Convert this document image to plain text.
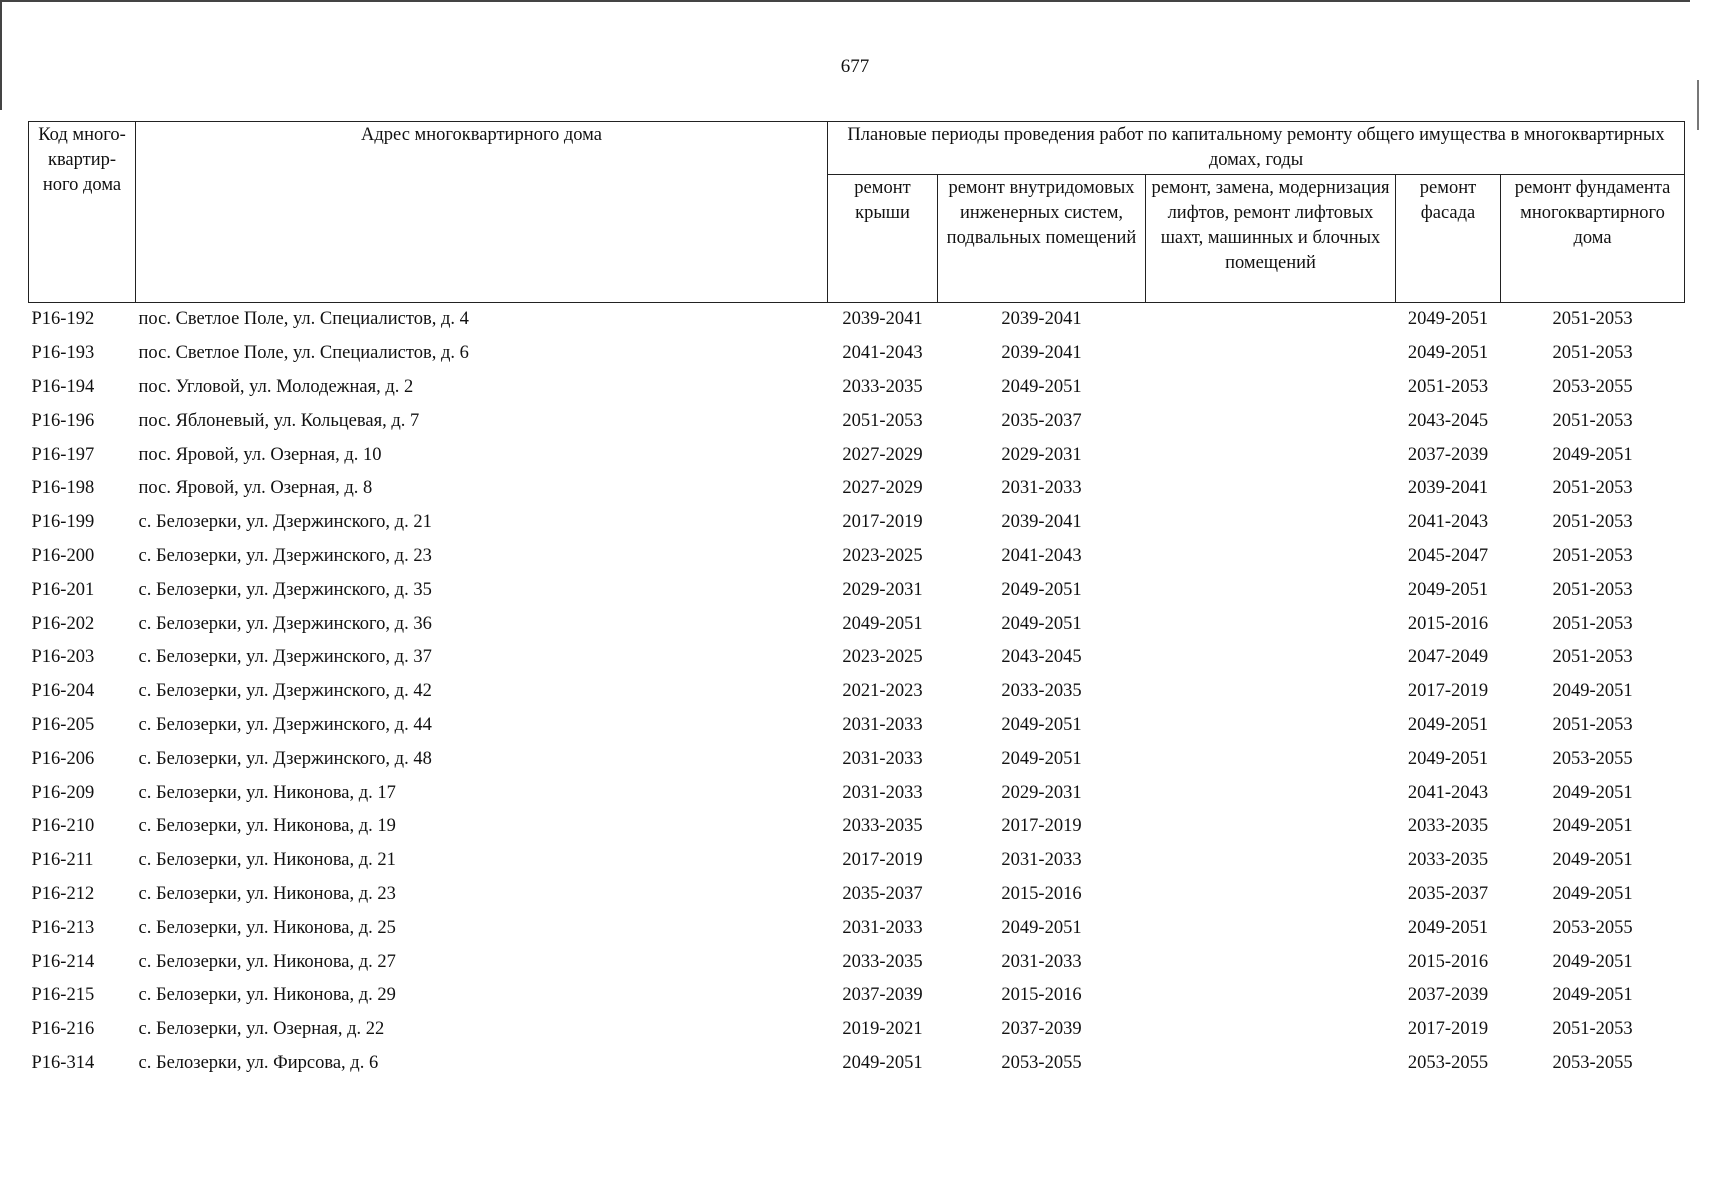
677
Код много-квартир-ного дома	Адрес многоквартирного дома	Плановые периоды проведения работ по капитальному ремонту общего имущества в многоквартирных домах, годы				
		ремонт крыши	ремонт внутридомовых инженерных систем, подвальных помещений	ремонт, замена, модернизация лифтов, ремонт лифтовых шахт, машинных и блочных помещений	ремонт фасада	ремонт фундамента многоквартирного дома
Р16-192	пос. Светлое Поле, ул. Специалистов, д. 4	2039-2041	2039-2041		2049-2051	2051-2053
Р16-193	пос. Светлое Поле, ул. Специалистов, д. 6	2041-2043	2039-2041		2049-2051	2051-2053
Р16-194	пос. Угловой, ул. Молодежная, д. 2	2033-2035	2049-2051		2051-2053	2053-2055
Р16-196	пос. Яблоневый, ул. Кольцевая, д. 7	2051-2053	2035-2037		2043-2045	2051-2053
Р16-197	пос. Яровой, ул. Озерная, д. 10	2027-2029	2029-2031		2037-2039	2049-2051
Р16-198	пос. Яровой, ул. Озерная, д. 8	2027-2029	2031-2033		2039-2041	2051-2053
Р16-199	с. Белозерки, ул. Дзержинского, д. 21	2017-2019	2039-2041		2041-2043	2051-2053
Р16-200	с. Белозерки, ул. Дзержинского, д. 23	2023-2025	2041-2043		2045-2047	2051-2053
Р16-201	с. Белозерки, ул. Дзержинского, д. 35	2029-2031	2049-2051		2049-2051	2051-2053
Р16-202	с. Белозерки, ул. Дзержинского, д. 36	2049-2051	2049-2051		2015-2016	2051-2053
Р16-203	с. Белозерки, ул. Дзержинского, д. 37	2023-2025	2043-2045		2047-2049	2051-2053
Р16-204	с. Белозерки, ул. Дзержинского, д. 42	2021-2023	2033-2035		2017-2019	2049-2051
Р16-205	с. Белозерки, ул. Дзержинского, д. 44	2031-2033	2049-2051		2049-2051	2051-2053
Р16-206	с. Белозерки, ул. Дзержинского, д. 48	2031-2033	2049-2051		2049-2051	2053-2055
Р16-209	с. Белозерки, ул. Никонова, д. 17	2031-2033	2029-2031		2041-2043	2049-2051
Р16-210	с. Белозерки, ул. Никонова, д. 19	2033-2035	2017-2019		2033-2035	2049-2051
Р16-211	с. Белозерки, ул. Никонова, д. 21	2017-2019	2031-2033		2033-2035	2049-2051
Р16-212	с. Белозерки, ул. Никонова, д. 23	2035-2037	2015-2016		2035-2037	2049-2051
Р16-213	с. Белозерки, ул. Никонова, д. 25	2031-2033	2049-2051		2049-2051	2053-2055
Р16-214	с. Белозерки, ул. Никонова, д. 27	2033-2035	2031-2033		2015-2016	2049-2051
Р16-215	с. Белозерки, ул. Никонова, д. 29	2037-2039	2015-2016		2037-2039	2049-2051
Р16-216	с. Белозерки, ул. Озерная, д. 22	2019-2021	2037-2039		2017-2019	2051-2053
Р16-314	с. Белозерки, ул. Фирсова, д. 6	2049-2051	2053-2055		2053-2055	2053-2055
